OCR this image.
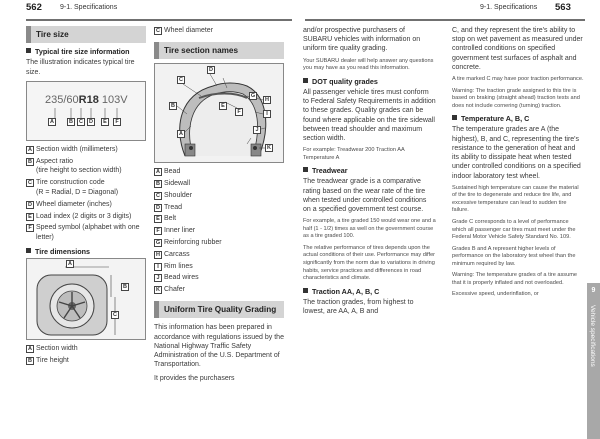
562	9-1. Specifications	9-1. Specifications 563
Tire size
Typical tire size information

The illustration indicates typical tire size.

235/60R18 103V
A	B	C	D	E	F
A Section width (millimeters)
B Aspect ratio
(tire height to section width)
C Tire construction code
(R = Radial, D = Diagonal)
D Wheel diameter (inches)
E Load index (2 digits or 3 digits)
F Speed symbol (alphabet with one letter)
Tire dimensions
A
B
C
A Section width
B Tire height
C Wheel diameter
Tire section names
D
C
B
A
E
F
G
H
I
J
K
A Bead
B Sidewall
C Shoulder
D Tread
E Belt
F Inner liner
G Reinforcing rubber
H Carcass
I Rim lines
J Bead wires
K Chafer
Uniform Tire Quality Grading

This information has been prepared in accordance with regulations issued by the National Highway Traffic Safety Administration of the U.S. Department of Transportation.

It provides the purchasers

and/or prospective purchasers of SUBARU vehicles with information on uniform tire quality grading.

Your SUBARU dealer will help answer any questions you may have as you read this information.

DOT quality grades

All passenger vehicle tires must conform to Federal Safety Requirements in addition to these grades. Quality grades can be found where applicable on the tire sidewall between tread shoulder and maximum section width.

For example: Treadwear 200 Traction AA Temperature A

Treadwear

The treadwear grade is a comparative rating based on the wear rate of the tire when tested under controlled conditions on a specified government test course.

For example, a tire graded 150 would wear one and a half (1 - 1/2) times as well on the government course as a tire graded 100.

The relative performance of tires depends upon the actual conditions of their use. Performance may differ significantly from the norm due to variations in driving habits, service practices and differences in road characteristics and climate.

Traction AA, A, B, C

The traction grades, from highest to lowest, are AA, A, B and

C, and they represent the tire's ability to stop on wet pavement as measured under controlled conditions on specified government test surfaces of asphalt and concrete.

A tire marked C may have poor traction performance.

Warning: The traction grade assigned to this tire is based on braking (straight ahead) traction tests and does not include cornering (turning) traction.

Temperature A, B, C

The temperature grades are A (the highest), B, and C, representing the tire's resistance to the generation of heat and its ability to dissipate heat when tested under controlled conditions on a specified indoor laboratory test wheel.

Sustained high temperature can cause the material of the tire to degenerate and reduce tire life, and excessive temperature can lead to sudden tire failure.

Grade C corresponds to a level of performance which all passenger car tires must meet under the Federal Motor Vehicle Safety Standard No. 109.

Grades B and A represent higher levels of performance on the laboratory test wheel than the minimum required by law.

Warning: The temperature grades of a tire assume that it is properly inflated and not overloaded.

Excessive speed, underinflation, or

9
Vehicle specifications
